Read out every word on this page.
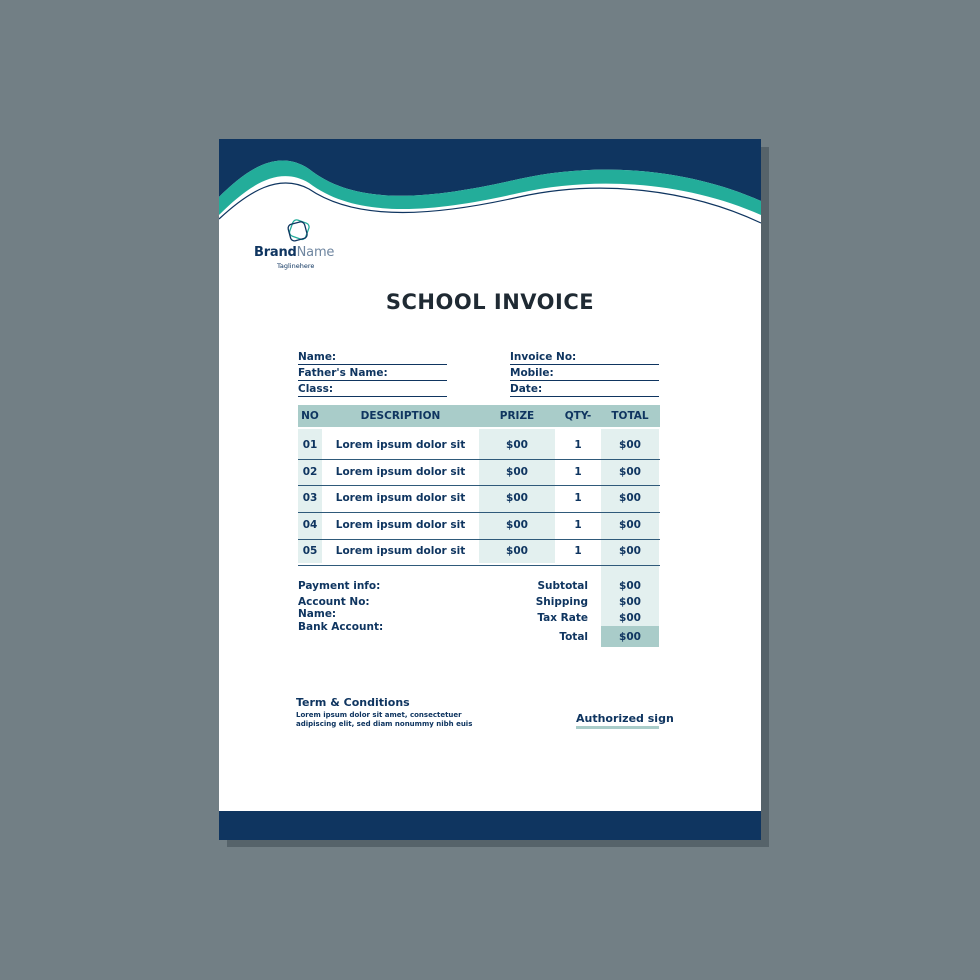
BrandName
Taglinehere
SCHOOL INVOICE
Name:
Father's Name:
Class:
Invoice No:
Mobile:
Date:
NO	DESCRIPTION	PRIZE	QTY-	TOTAL
01	Lorem ipsum dolor sit	$00	1	$00
02	Lorem ipsum dolor sit	$00	1	$00
03	Lorem ipsum dolor sit	$00	1	$00
04	Lorem ipsum dolor sit	$00	1	$00
05	Lorem ipsum dolor sit	$00	1	$00
Payment info:
Account No:
Name:
Bank Account:
Subtotal	$00
Shipping	$00
Tax Rate	$00
Total	$00
Term & Conditions
Lorem ipsum dolor sit amet, consectetuer
adipiscing elit, sed diam nonummy nibh euis	Authorized sign
